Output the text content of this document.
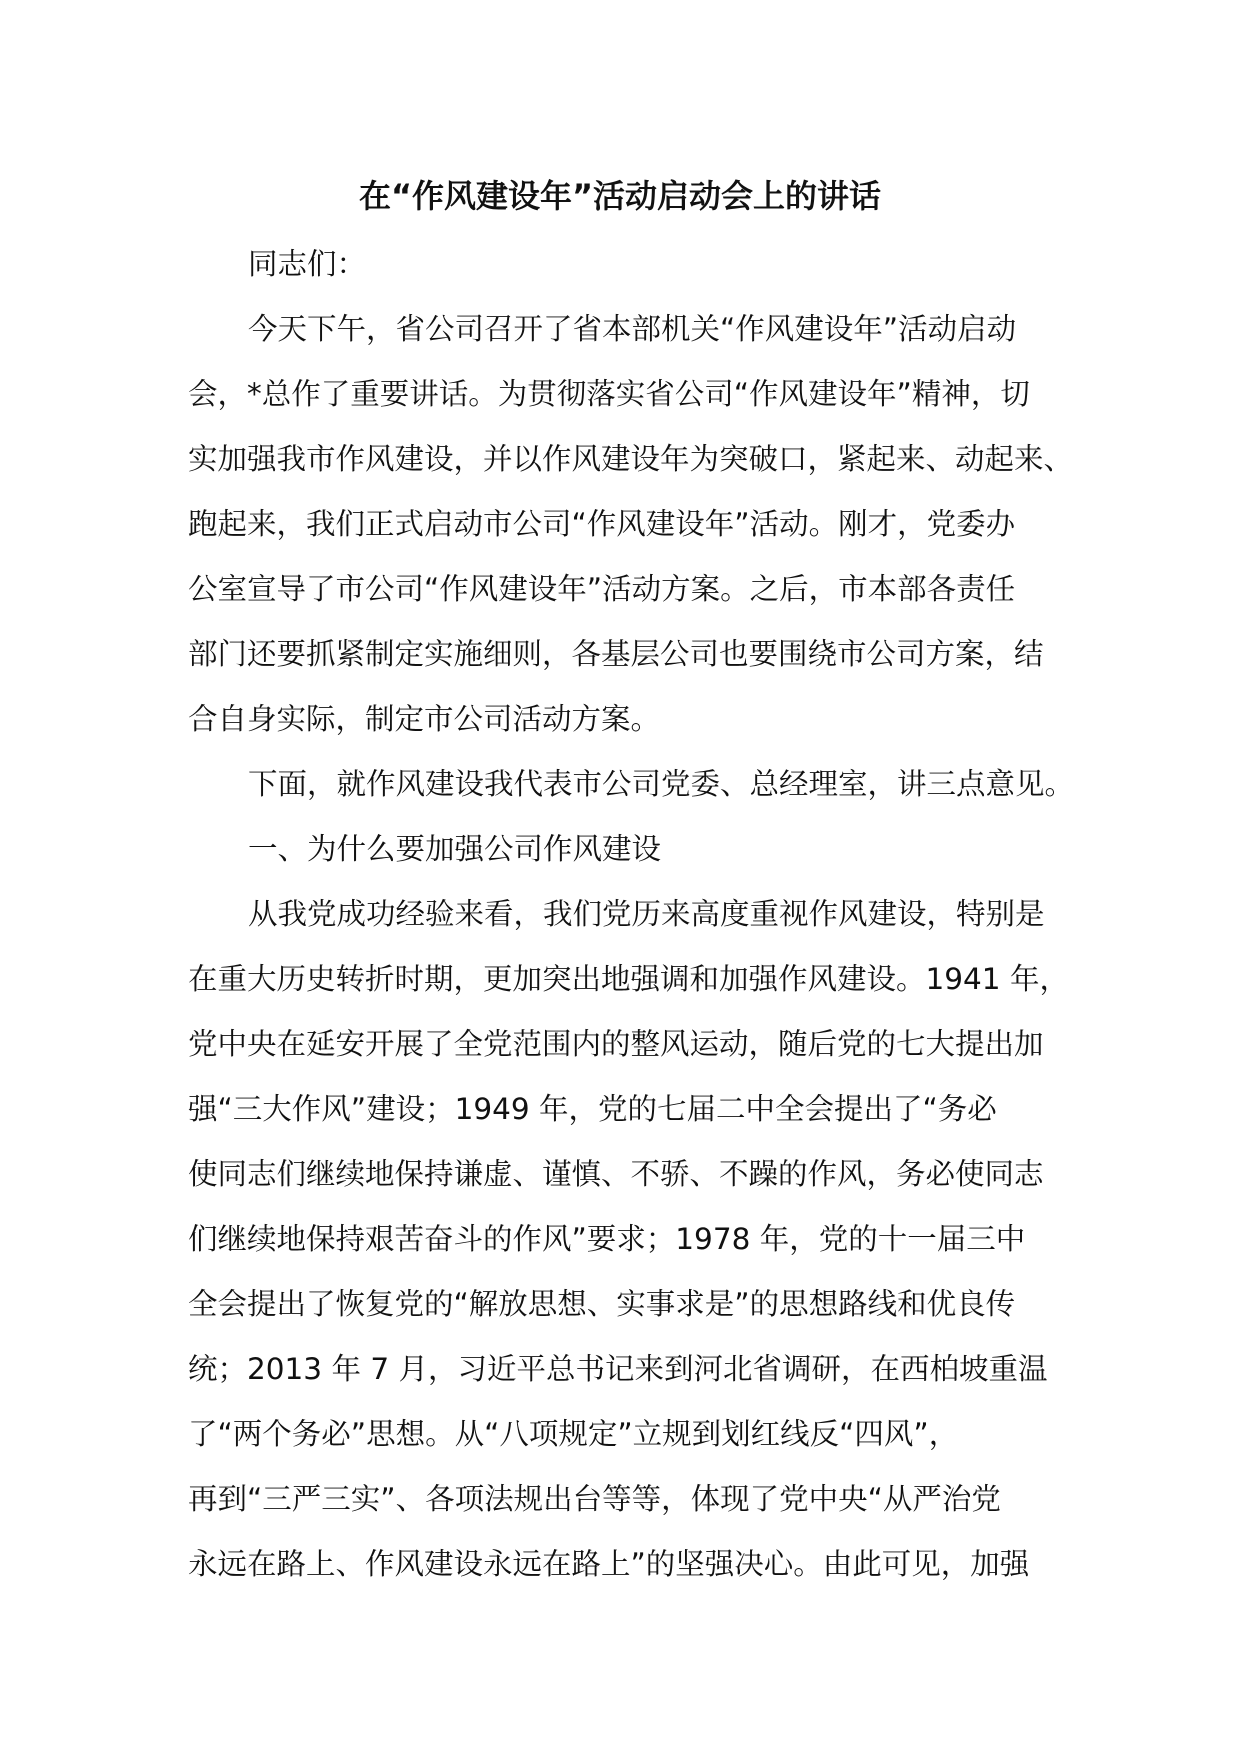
在“作风建设年”活动启动会上的讲话
同志们：
今天下午，省公司召开了省本部机关“作风建设年”活动启动
会，*总作了重要讲话。为贯彻落实省公司“作风建设年”精神，切
实加强我市作风建设，并以作风建设年为突破口，紧起来、动起来、
跑起来，我们正式启动市公司“作风建设年”活动。刚才，党委办
公室宣导了市公司“作风建设年”活动方案。之后，市本部各责任
部门还要抓紧制定实施细则，各基层公司也要围绕市公司方案，结
合自身实际，制定市公司活动方案。
下面，就作风建设我代表市公司党委、总经理室，讲三点意见。
一、为什么要加强公司作风建设
从我党成功经验来看，我们党历来高度重视作风建设，特别是
在重大历史转折时期，更加突出地强调和加强作风建设。1941 年，
党中央在延安开展了全党范围内的整风运动，随后党的七大提出加
强“三大作风”建设；1949 年，党的七届二中全会提出了“务必
使同志们继续地保持谦虚、谨慎、不骄、不躁的作风，务必使同志
们继续地保持艰苦奋斗的作风”要求；1978 年，党的十一届三中
全会提出了恢复党的“解放思想、实事求是”的思想路线和优良传
统；2013 年 7 月，习近平总书记来到河北省调研，在西柏坡重温
了“两个务必”思想。从“八项规定”立规到划红线反“四风”，
再到“三严三实”、各项法规出台等等，体现了党中央“从严治党
永远在路上、作风建设永远在路上”的坚强决心。由此可见，加强
